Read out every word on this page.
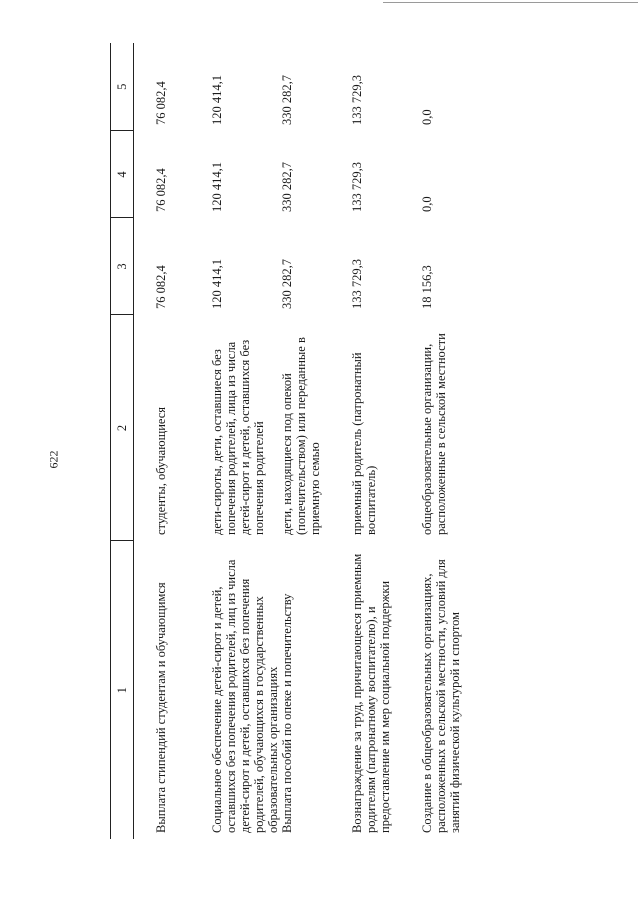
622
1	2	3	4	5
Выплата стипендий студентам и обучающимся	студенты, обучающиеся	76 082,4	76 082,4	76 082,4
Социальное обеспечение детей-сирот и детей, оставшихся без попечения родителей, лиц из числа детей-сирот и детей, оставшихся без попечения родителей, обучающихся в государственных образовательных организациях	дети-сироты, дети, оставшиеся без попечения родителей, лица из числа детей-сирот и детей, оставшихся без попечения родителей	120 414,1	120 414,1	120 414,1
Выплата пособий по опеке и попечительству	дети, находящиеся под опекой (попечительством) или переданные в приемную семью	330 282,7	330 282,7	330 282,7
Вознаграждение за труд, причитающееся приемным родителям (патронатному воспитателю), и предоставление им мер социальной поддержки	приемный родитель (патронатный воспитатель)	133 729,3	133 729,3	133 729,3
Создание в общеобразовательных организациях, расположенных в сельской местности, условий для занятий физической культурой и спортом	общеобразовательные организации, расположенные в сельской местности	18 156,3	0,0	0,0
